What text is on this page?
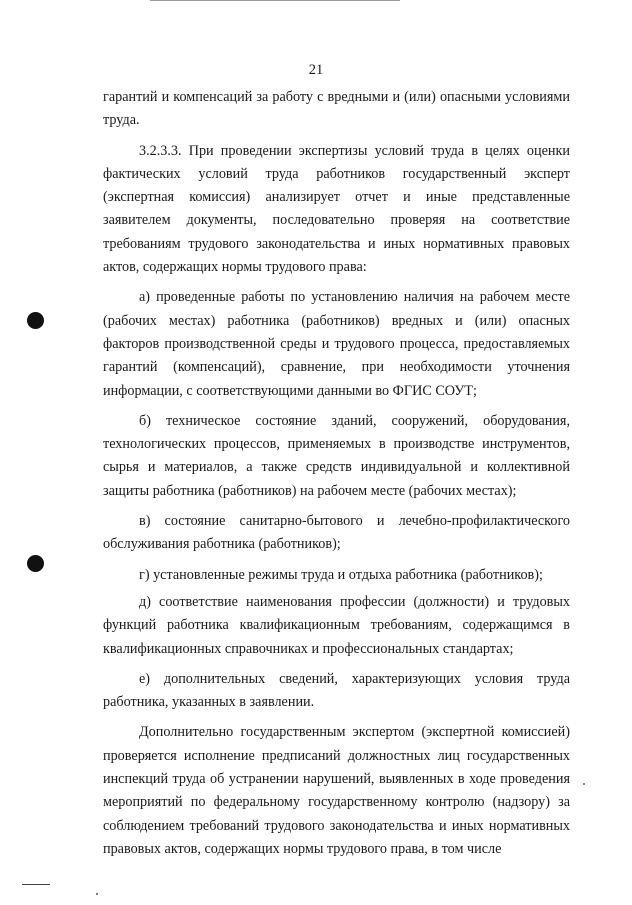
21

гарантий и компенсаций за работу с вредными и (или) опасными условиями труда.

3.2.3.3. При проведении экспертизы условий труда в целях оценки фактических условий труда работников государственный эксперт (экспертная комиссия) анализирует отчет и иные представленные заявителем документы, последовательно проверяя на соответствие требованиям трудового законодательства и иных нормативных правовых актов, содержащих нормы трудового права:

а) проведенные работы по установлению наличия на рабочем месте (рабочих местах) работника (работников) вредных и (или) опасных факторов производственной среды и трудового процесса, предоставляемых гарантий (компенсаций), сравнение, при необходимости уточнения информации, с соответствующими данными во ФГИС СОУТ;

б) техническое состояние зданий, сооружений, оборудования, технологических процессов, применяемых в производстве инструментов, сырья и материалов, а также средств индивидуальной и коллективной защиты работника (работников) на рабочем месте (рабочих местах);

в) состояние санитарно-бытового и лечебно-профилактического обслуживания работника (работников);

г) установленные режимы труда и отдыха работника (работников);

д) соответствие наименования профессии (должности) и трудовых функций работника квалификационным требованиям, содержащимся в квалификационных справочниках и профессиональных стандартах;

е) дополнительных сведений, характеризующих условия труда работника, указанных в заявлении.

Дополнительно государственным экспертом (экспертной комиссией) проверяется исполнение предписаний должностных лиц государственных инспекций труда об устранении нарушений, выявленных в ходе проведения мероприятий по федеральному государственному контролю (надзору) за соблюдением требований трудового законодательства и иных нормативных правовых актов, содержащих нормы трудового права, в том числе
